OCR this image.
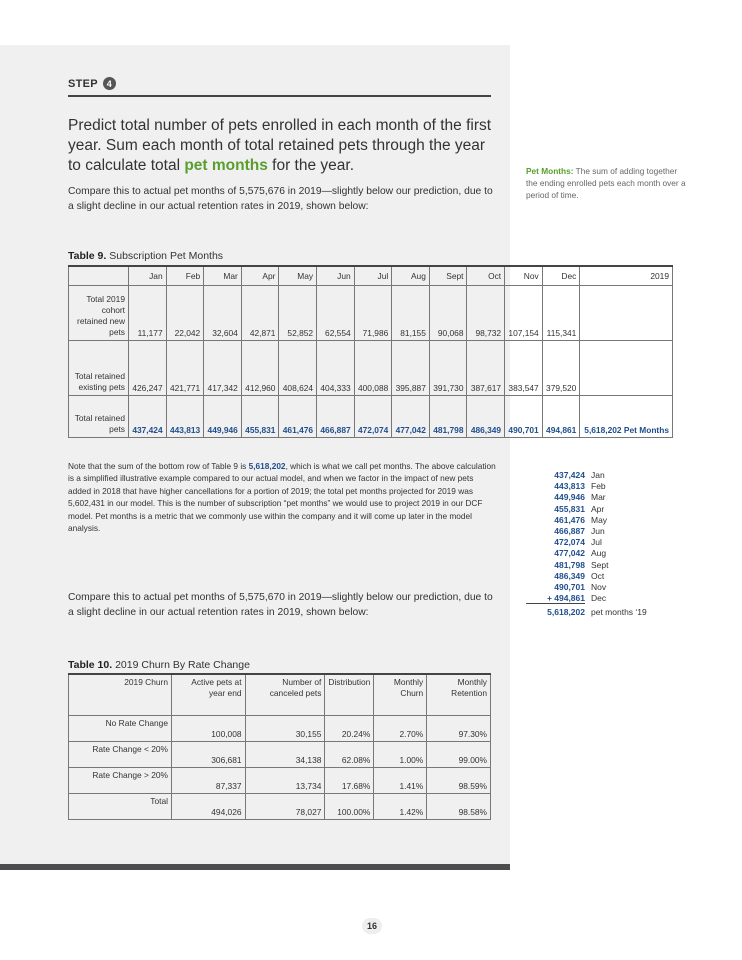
STEP 4
Predict total number of pets enrolled in each month of the first year. Sum each month of total retained pets through the year to calculate total pet months for the year.
Compare this to actual pet months of 5,575,676 in 2019—slightly below our prediction, due to a slight decline in our actual retention rates in 2019, shown below:
Pet Months: The sum of adding together the ending enrolled pets each month over a period of time.
Table 9. Subscription Pet Months
	Jan	Feb	Mar	Apr	May	Jun	Jul	Aug	Sept	Oct	Nov	Dec	2019
Total 2019 cohort retained new pets	11,177	22,042	32,604	42,871	52,852	62,554	71,986	81,155	90,068	98,732	107,154	115,341	
Total retained existing pets	426,247	421,771	417,342	412,960	408,624	404,333	400,088	395,887	391,730	387,617	383,547	379,520	
Total retained pets	437,424	443,813	449,946	455,831	461,476	466,887	472,074	477,042	481,798	486,349	490,701	494,861	5,618,202 Pet Months
Note that the sum of the bottom row of Table 9 is 5,618,202, which is what we call pet months. The above calculation is a simplified illustrative example compared to our actual model, and when we factor in the impact of new pets added in 2018 that have higher cancellations for a portion of 2019; the total pet months projected for 2019 was 5,602,431 in our model. This is the number of subscription “pet months” we would use to project 2019 in our DCF model. Pet months is a metric that we commonly use within the company and it will come up later in the model analysis.
Compare this to actual pet months of 5,575,670 in 2019—slightly below our prediction, due to a slight decline in our actual retention rates in 2019, shown below:
437,424 Jan
443,813 Feb
449,946 Mar
455,831 Apr
461,476 May
466,887 Jun
472,074 Jul
477,042 Aug
481,798 Sept
486,349 Oct
490,701 Nov
+ 494,861 Dec
5,618,202 pet months ‘19
Table 10. 2019 Churn By Rate Change
2019 Churn	Active pets at year end	Number of canceled pets	Distribution	Monthly Churn	Monthly Retention
No Rate Change	100,008	30,155	20.24%	2.70%	97.30%
Rate Change < 20%	306,681	34,138	62.08%	1.00%	99.00%
Rate Change > 20%	87,337	13,734	17.68%	1.41%	98.59%
Total	494,026	78,027	100.00%	1.42%	98.58%
16
